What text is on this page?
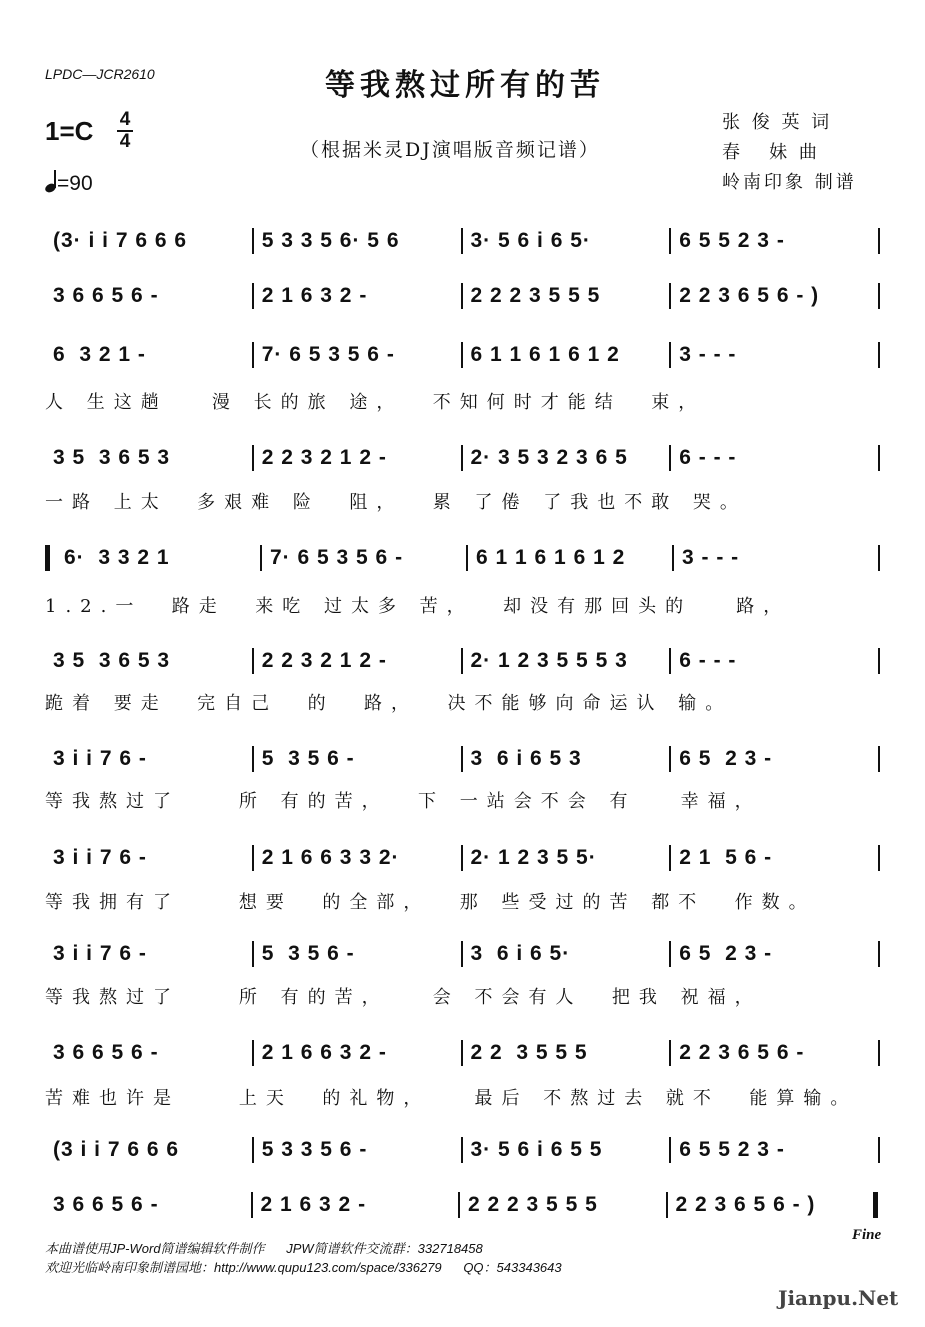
LPDC—JCR2610	等我熬过所有的苦
（根据米灵DJ演唱版音频记谱）
1=C 4
4
=90
张 俊 英 词
春   妹 曲
岭南印象 制谱
(3· i i 7 6 6 6	5 3 3 5 6· 5 6	3· 5 6 i 6 5·	6 5 5 2 3 -
3 6 6 5 6 -	2 1 6 3 2 -	2 2 2 3 5 5 5	2 2 3 6 5 6 - )
6  3 2 1 -	7· 6 5 3 5 6 -	6 1 1 6 1 6 1 2	3 - - -
人 生这趟   漫 长的旅 途，  不知何时才能结  束，
3 5  3 6 5 3	2 2 3 2 1 2 -	2· 3 5 3 2 3 6 5	6 - - -
一路 上太  多艰难 险  阻，  累 了倦 了我也不敢 哭。
6·  3 3 2 1	7· 6 5 3 5 6 -	6 1 1 6 1 6 1 2	3 - - -
1.2.一  路走  来吃 过太多 苦，  却没有那回头的   路，
3 5  3 6 5 3	2 2 3 2 1 2 -	2· 1 2 3 5 5 5 3	6 - - -
跪着 要走  完自己  的  路，  决不能够向命运认 输。
3 i i 7 6 -	5  3 5 6 -	3  6 i 6 5 3	6 5  2 3 -
等我熬过了    所 有的苦，  下 一站会不会 有   幸福，
3 i i 7 6 -	2 1 6 6 3 3 2·	2· 1 2 3 5 5·	2 1  5 6 -
等我拥有了    想要  的全部，  那 些受过的苦 都不  作数。
3 i i 7 6 -	5  3 5 6 -	3  6 i 6 5·	6 5  2 3 -
等我熬过了    所 有的苦，   会 不会有人  把我 祝福，
3 6 6 5 6 -	2 1 6 6 3 2 -	2 2  3 5 5 5	2 2 3 6 5 6 -
苦难也许是    上天  的礼物，   最后 不熬过去 就不  能算输。
(3 i i 7 6 6 6	5 3 3 5 6 -	3· 5 6 i 6 5 5	6 5 5 2 3 -
3 6 6 5 6 -	2 1 6 3 2 -	2 2 2 3 5 5 5	2 2 3 6 5 6 - )
Fine
本曲谱使用JP-Word简谱编辑软件制作      JPW简谱软件交流群：332718458
欢迎光临岭南印象制谱园地：http://www.qupu123.com/space/336279      QQ：543343643
Jianpu.Net
